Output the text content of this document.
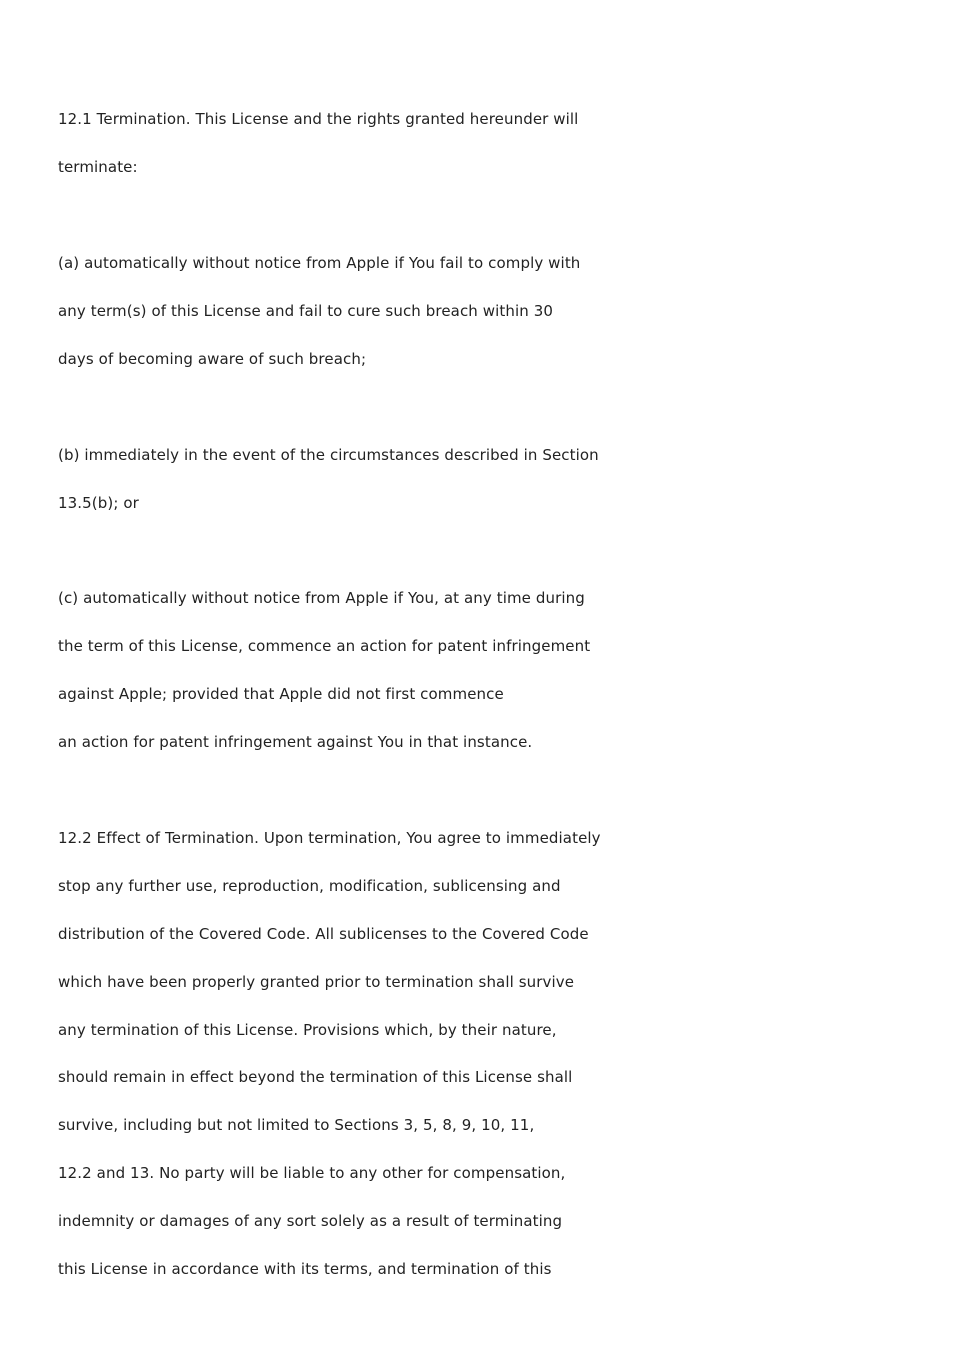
12.1 Termination. This License and the rights granted hereunder will
terminate:
(a) automatically without notice from Apple if You fail to comply with
any term(s) of this License and fail to cure such breach within 30
days of becoming aware of such breach;
(b) immediately in the event of the circumstances described in Section
13.5(b); or
(c) automatically without notice from Apple if You, at any time during
the term of this License, commence an action for patent infringement
against Apple; provided that Apple did not first commence
an action for patent infringement against You in that instance.
12.2 Effect of Termination. Upon termination, You agree to immediately
stop any further use, reproduction, modification, sublicensing and
distribution of the Covered Code. All sublicenses to the Covered Code
which have been properly granted prior to termination shall survive
any termination of this License. Provisions which, by their nature,
should remain in effect beyond the termination of this License shall
survive, including but not limited to Sections 3, 5, 8, 9, 10, 11,
12.2 and 13. No party will be liable to any other for compensation,
indemnity or damages of any sort solely as a result of terminating
this License in accordance with its terms, and termination of this
